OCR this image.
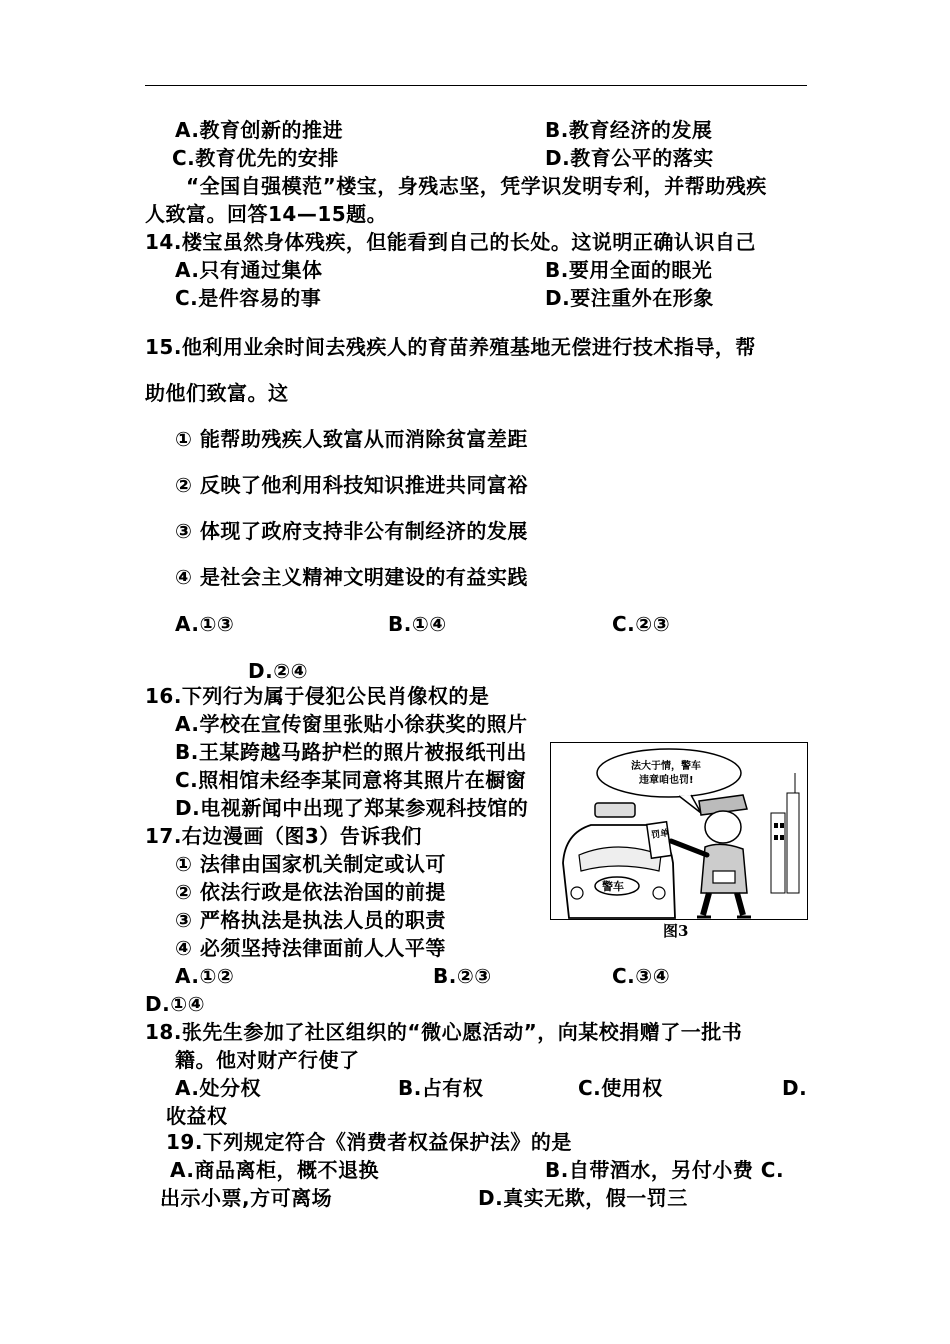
A.教育创新的推进	B.教育经济的发展
C.教育优先的安排	D.教育公平的落实
“全国自强模范”楼宝，身残志坚，凭学识发明专利，并帮助残疾
人致富。回答14—15题。
14.楼宝虽然身体残疾，但能看到自己的长处。这说明正确认识自己
A.只有通过集体	B.要用全面的眼光
C.是件容易的事	D.要注重外在形象
15.他利用业余时间去残疾人的育苗养殖基地无偿进行技术指导，帮
助他们致富。这
① 能帮助残疾人致富从而消除贫富差距
② 反映了他利用科技知识推进共同富裕
③ 体现了政府支持非公有制经济的发展
④ 是社会主义精神文明建设的有益实践
A.①③	B.①④	C.②③
D.②④
16.下列行为属于侵犯公民肖像权的是
A.学校在宣传窗里张贴小徐获奖的照片
B.王某跨越马路护栏的照片被报纸刊出
C.照相馆未经李某同意将其照片在橱窗
D.电视新闻中出现了郑某参观科技馆的
法大于情，警车
违章咱也罚!
警车
罚单
图3
17.右边漫画（图3）告诉我们
① 法律由国家机关制定或认可
② 依法行政是依法治国的前提
③ 严格执法是执法人员的职责
④ 必须坚持法律面前人人平等
A.①②	B.②③	C.③④
D.①④
18.张先生参加了社区组织的“微心愿活动”，向某校捐赠了一批书
籍。他对财产行使了
A.处分权	B.占有权	C.使用权	D.
收益权
19.下列规定符合《消费者权益保护法》的是
A.商品离柜，概不退换	B.自带酒水，另付小费 C.
出示小票,方可离场	D.真实无欺，假一罚三
